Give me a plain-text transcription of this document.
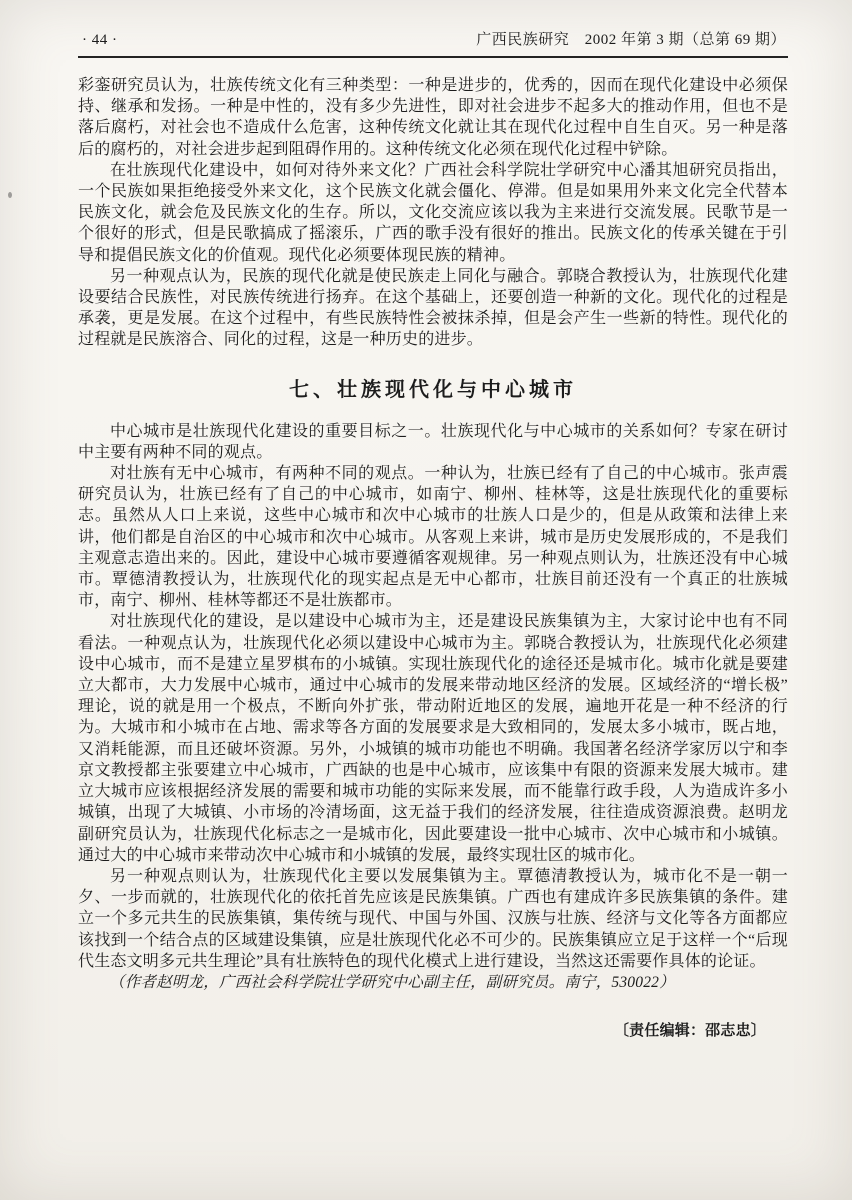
· 44 ·	广西民族研究　2002 年第 3 期（总第 69 期）

彩銮研究员认为，壮族传统文化有三种类型：一种是进步的，优秀的，因而在现代化建设中必须保持、继承和发扬。一种是中性的，没有多少先进性，即对社会进步不起多大的推动作用，但也不是落后腐朽，对社会也不造成什么危害，这种传统文化就让其在现代化过程中自生自灭。另一种是落后的腐朽的，对社会进步起到阻碍作用的。这种传统文化必须在现代化过程中铲除。

在壮族现代化建设中，如何对待外来文化？广西社会科学院壮学研究中心潘其旭研究员指出，一个民族如果拒绝接受外来文化，这个民族文化就会僵化、停滞。但是如果用外来文化完全代替本民族文化，就会危及民族文化的生存。所以，文化交流应该以我为主来进行交流发展。民歌节是一个很好的形式，但是民歌搞成了摇滚乐，广西的歌手没有很好的推出。民族文化的传承关键在于引导和提倡民族文化的价值观。现代化必须要体现民族的精神。

另一种观点认为，民族的现代化就是使民族走上同化与融合。郭晓合教授认为，壮族现代化建设要结合民族性，对民族传统进行扬弃。在这个基础上，还要创造一种新的文化。现代化的过程是承袭，更是发展。在这个过程中，有些民族特性会被抹杀掉，但是会产生一些新的特性。现代化的过程就是民族溶合、同化的过程，这是一种历史的进步。

七、壮族现代化与中心城市

中心城市是壮族现代化建设的重要目标之一。壮族现代化与中心城市的关系如何？专家在研讨中主要有两种不同的观点。

对壮族有无中心城市，有两种不同的观点。一种认为，壮族已经有了自己的中心城市。张声震研究员认为，壮族已经有了自己的中心城市，如南宁、柳州、桂林等，这是壮族现代化的重要标志。虽然从人口上来说，这些中心城市和次中心城市的壮族人口是少的，但是从政策和法律上来讲，他们都是自治区的中心城市和次中心城市。从客观上来讲，城市是历史发展形成的，不是我们主观意志造出来的。因此，建设中心城市要遵循客观规律。另一种观点则认为，壮族还没有中心城市。覃德清教授认为，壮族现代化的现实起点是无中心都市，壮族目前还没有一个真正的壮族城市，南宁、柳州、桂林等都还不是壮族都市。

对壮族现代化的建设，是以建设中心城市为主，还是建设民族集镇为主，大家讨论中也有不同看法。一种观点认为，壮族现代化必须以建设中心城市为主。郭晓合教授认为，壮族现代化必须建设中心城市，而不是建立星罗棋布的小城镇。实现壮族现代化的途径还是城市化。城市化就是要建立大都市，大力发展中心城市，通过中心城市的发展来带动地区经济的发展。区域经济的“增长极”理论，说的就是用一个极点，不断向外扩张，带动附近地区的发展，遍地开花是一种不经济的行为。大城市和小城市在占地、需求等各方面的发展要求是大致相同的，发展太多小城市，既占地，又消耗能源，而且还破坏资源。另外，小城镇的城市功能也不明确。我国著名经济学家厉以宁和李京文教授都主张要建立中心城市，广西缺的也是中心城市，应该集中有限的资源来发展大城市。建立大城市应该根据经济发展的需要和城市功能的实际来发展，而不能靠行政手段，人为造成许多小城镇，出现了大城镇、小市场的冷清场面，这无益于我们的经济发展，往往造成资源浪费。赵明龙副研究员认为，壮族现代化标志之一是城市化，因此要建设一批中心城市、次中心城市和小城镇。通过大的中心城市来带动次中心城市和小城镇的发展，最终实现壮区的城市化。

另一种观点则认为，壮族现代化主要以发展集镇为主。覃德清教授认为，城市化不是一朝一夕、一步而就的，壮族现代化的依托首先应该是民族集镇。广西也有建成许多民族集镇的条件。建立一个多元共生的民族集镇，集传统与现代、中国与外国、汉族与壮族、经济与文化等各方面都应该找到一个结合点的区域建设集镇，应是壮族现代化必不可少的。民族集镇应立足于这样一个“后现代生态文明多元共生理论”具有壮族特色的现代化模式上进行建设，当然这还需要作具体的论证。

（作者赵明龙，广西社会科学院壮学研究中心副主任，副研究员。南宁，530022）

〔责任编辑：邵志忠〕
